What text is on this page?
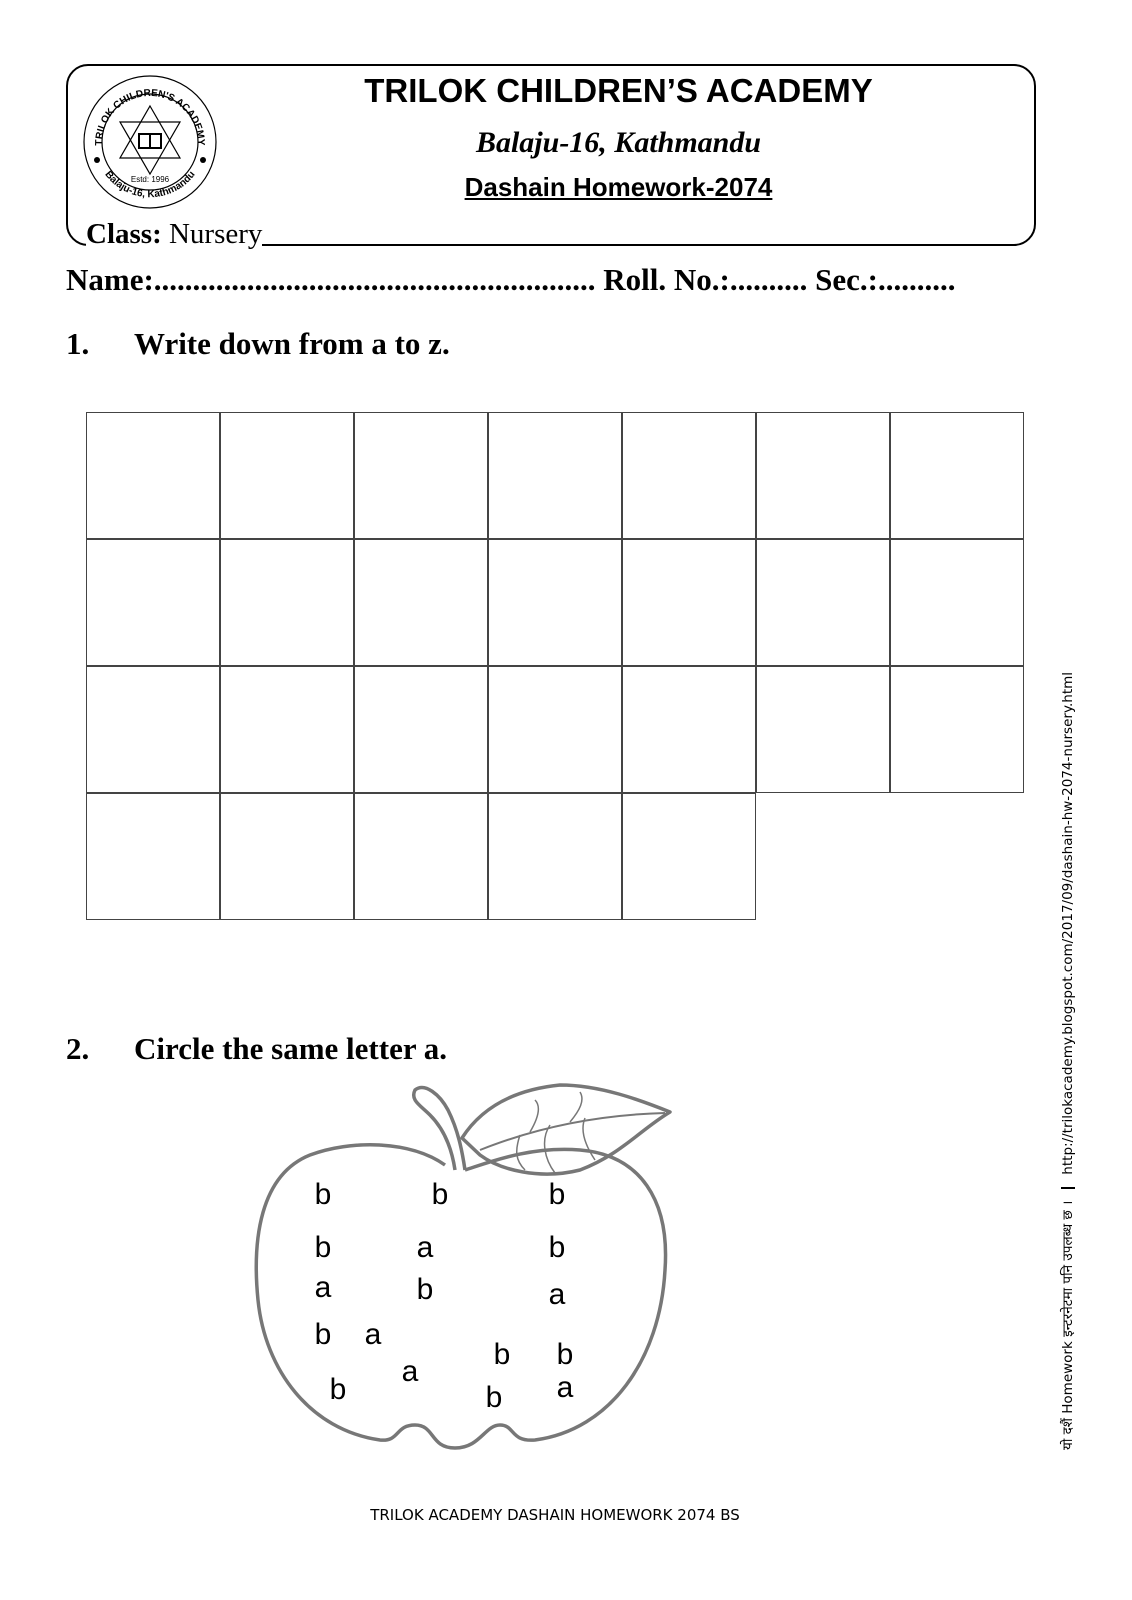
TRILOK CHILDREN'S ACADEMY
Balaju-16, Kathmandu
Estd: 1996
TRILOK CHILDREN’S ACADEMY
Balaju-16, Kathmandu
Dashain Homework-2074
Class: Nursery
Name:......................................................... Roll. No.:.......... Sec.:..........
1. Write down from a to z.
2. Circle the same letter a.
b	b	b
b	a	b
a	b	a
b a
b b
a
b	b a	यो दशैं Homework इन्टरनेटमा पनि उपलब्ध छ ।http://trilokacademy.blogspot.com/2017/09/dashain-hw-2074-nursery.html
TRILOK ACADEMY DASHAIN HOMEWORK 2074 BS
